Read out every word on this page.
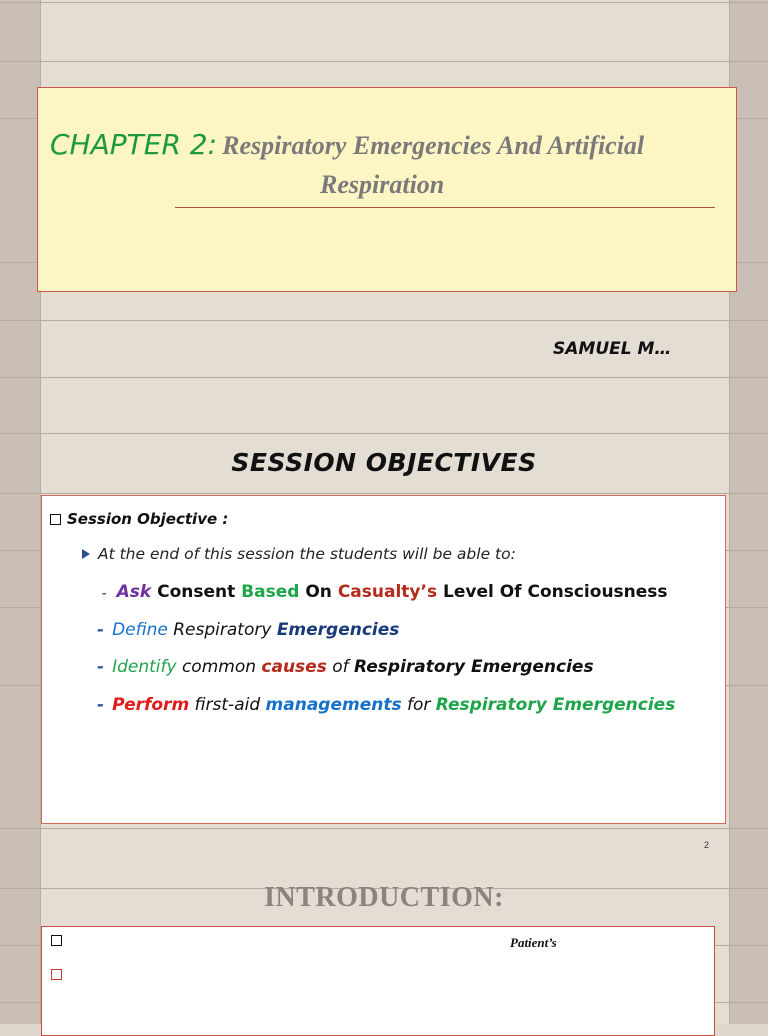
CHAPTER 2: Respiratory Emergencies And Artificial
Respiration
SAMUEL M…
SESSION OBJECTIVES
Session Objective :
At the end of this session the students will be able to:
- Ask Consent Based On Casualty’s Level Of Consciousness
- Define Respiratory Emergencies
- Identify common causes of Respiratory Emergencies
- Perform first-aid managements for Respiratory Emergencies
2
INTRODUCTION:
Patient’s
